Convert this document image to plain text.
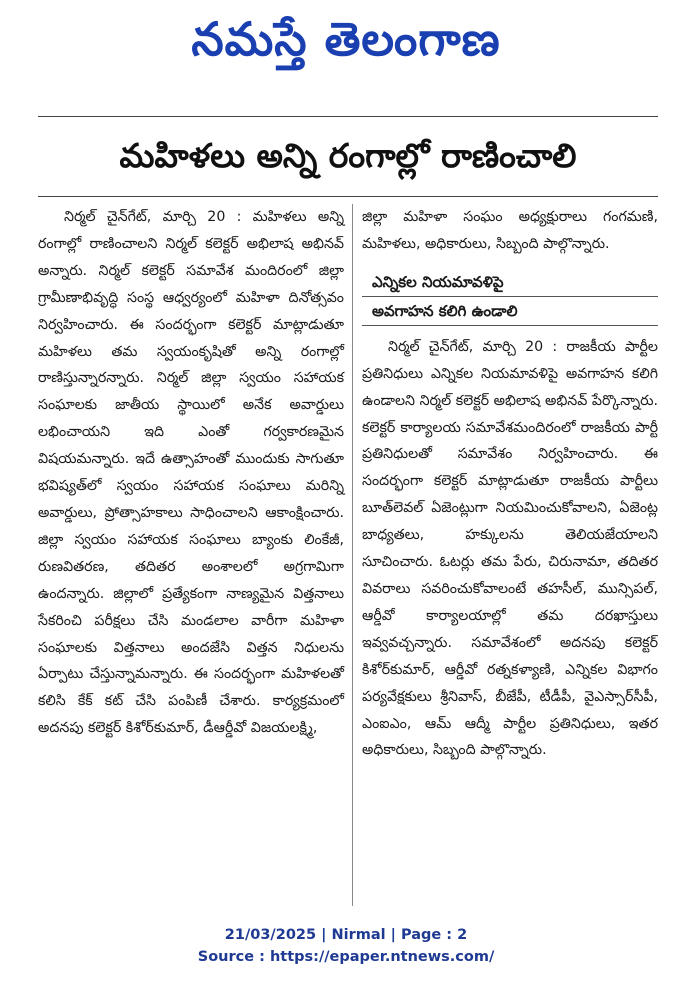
నమస్తే తెలంగాణ
మహిళలు అన్ని రంగాల్లో రాణించాలి

నిర్మల్ చైన్‌గేట్, మార్చి 20 : మహిళలు అన్ని రంగాల్లో రాణించాలని నిర్మల్ కలెక్టర్ అభిలాష అభినవ్ అన్నారు. నిర్మల్ కలెక్టర్ సమావేశ మందిరంలో జిల్లా గ్రామీణాభివృద్ధి సంస్థ ఆధ్వర్యంలో మహిళా దినోత్సవం నిర్వహించారు. ఈ సందర్భంగా కలెక్టర్ మాట్లాడుతూ మహిళలు తమ స్వయంకృషితో అన్ని రంగాల్లో రాణిస్తున్నారన్నారు. నిర్మల్ జిల్లా స్వయం సహాయక సంఘాలకు జాతీయ స్థాయిలో అనేక అవార్డులు లభించాయని ఇది ఎంతో గర్వకారణమైన విషయమన్నారు. ఇదే ఉత్సాహంతో ముందుకు సాగుతూ భవిష్యత్‌లో స్వయం సహాయక సంఘాలు మరిన్ని అవార్డులు, ప్రోత్సాహకాలు సాధించాలని ఆకాంక్షించారు. జిల్లా స్వయం సహాయక సంఘాలు బ్యాంకు లింకేజీ, రుణవితరణ, తదితర అంశాలలో అగ్రగామిగా ఉందన్నారు. జిల్లాలో ప్రత్యేకంగా నాణ్యమైన విత్తనాలు సేకరించి పరీక్షలు చేసి మండలాల వారీగా మహిళా సంఘాలకు విత్తనాలు అందజేసి విత్తన నిధులను ఏర్పాటు చేస్తున్నామన్నారు. ఈ సందర్భంగా మహిళలతో కలిసి కేక్ కట్ చేసి పంపిణీ చేశారు. కార్యక్రమంలో అదనపు కలెక్టర్ కిశోర్‌కుమార్, డీఆర్డీవో విజయలక్ష్మి,

జిల్లా మహిళా సంఘం అధ్యక్షురాలు గంగమణి, మహిళలు, అధికారులు, సిబ్బంది పాల్గొన్నారు.

ఎన్నికల నియమావళిపై
అవగాహన కలిగి ఉండాలి

నిర్మల్ చైన్‌గేట్, మార్చి 20 : రాజకీయ పార్టీల ప్రతినిధులు ఎన్నికల నియమావళిపై అవగాహన కలిగి ఉండాలని నిర్మల్ కలెక్టర్ అభిలాష అభినవ్ పేర్కొన్నారు. కలెక్టర్ కార్యాలయ సమావేశమందిరంలో రాజకీయ పార్టీ ప్రతినిధులతో సమావేశం నిర్వహించారు. ఈ సందర్భంగా కలెక్టర్ మాట్లాడుతూ రాజకీయ పార్టీలు బూత్‌లెవల్ ఏజెంట్లుగా నియమించుకోవాలని, ఏజెంట్ల బాధ్యతలు, హక్కులను తెలియజేయాలని సూచించారు. ఓటర్లు తమ పేరు, చిరునామా, తదితర వివరాలు సవరించుకోవాలంటే తహసీల్, మున్సిపల్, ఆర్డీవో కార్యాలయాల్లో తమ దరఖాస్తులు ఇవ్వవచ్చన్నారు. సమావేశంలో అదనపు కలెక్టర్ కిశోర్‌కుమార్, ఆర్డీవో రత్నకళ్యాణి, ఎన్నికల విభాగం పర్యవేక్షకులు శ్రీనివాస్, బీజేపీ, టీడీపీ, వైఎస్సార్‌సీపీ, ఎంఐఎం, ఆమ్ ఆద్మీ పార్టీల ప్రతినిధులు, ఇతర అధికారులు, సిబ్బంది పాల్గొన్నారు.

21/03/2025 | Nirmal | Page : 2
Source : https://epaper.ntnews.com/
